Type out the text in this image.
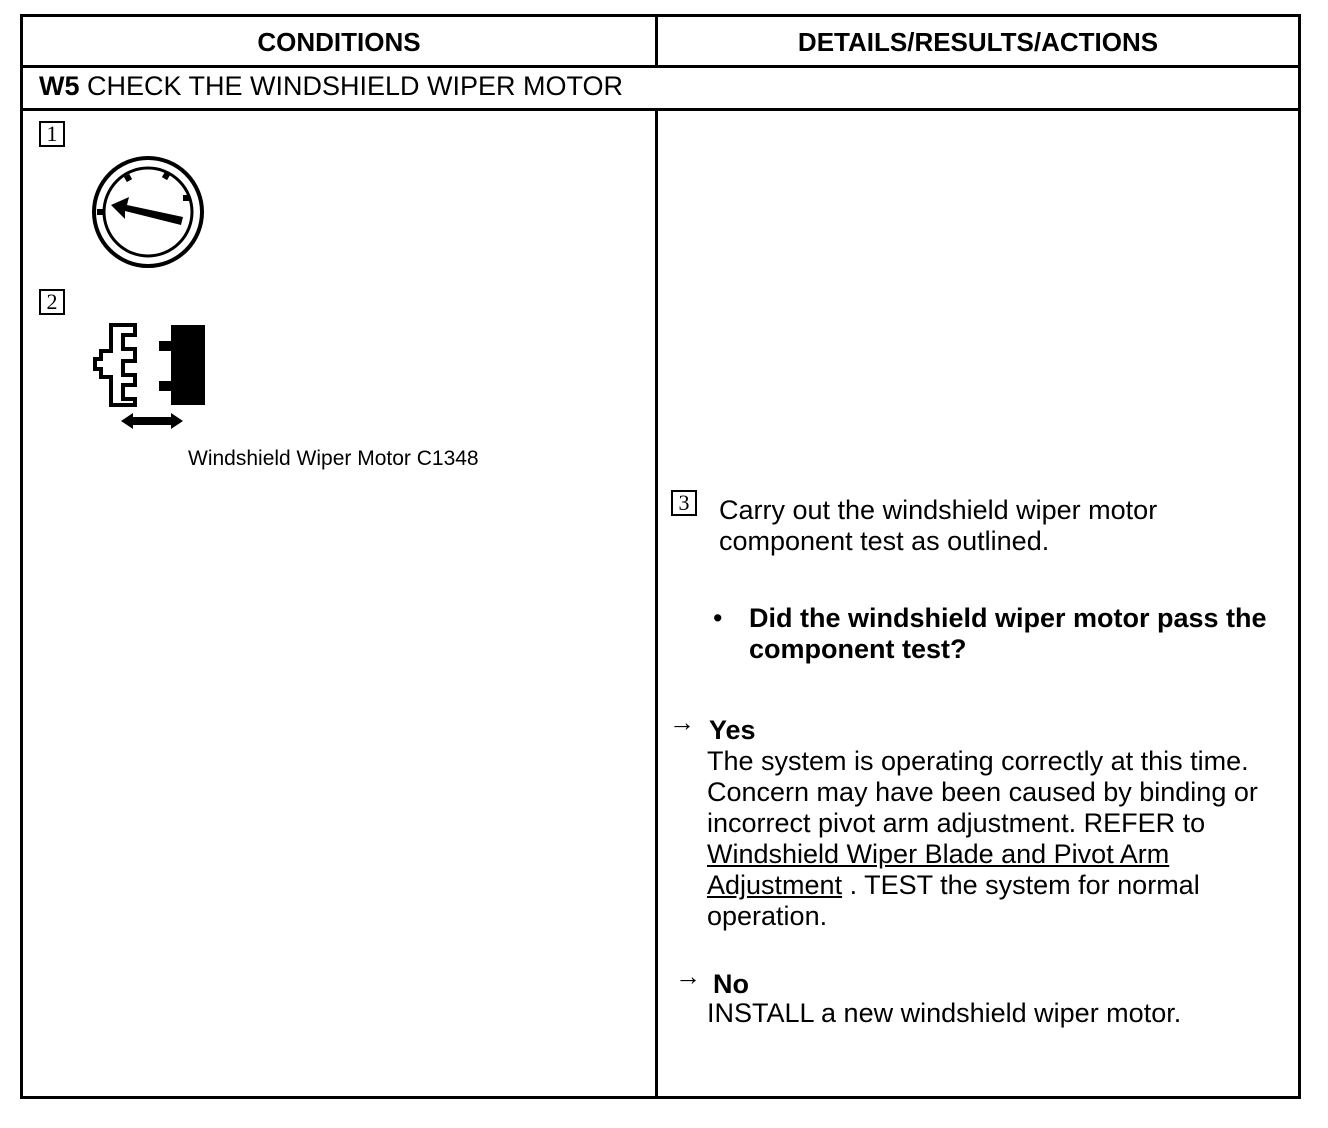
CONDITIONS	DETAILS/RESULTS/ACTIONS
W5 CHECK THE WINDSHIELD WIPER MOTOR
1
2
Windshield Wiper Motor C1348
3 Carry out the windshield wiper motor
component test as outlined.
• Did the windshield wiper motor pass the
component test?
→ Yes
The system is operating correctly at this time.
Concern may have been caused by binding or
incorrect pivot arm adjustment. REFER to
Windshield Wiper Blade and Pivot Arm
Adjustment . TEST the system for normal
operation.
→ No
INSTALL a new windshield wiper motor.
